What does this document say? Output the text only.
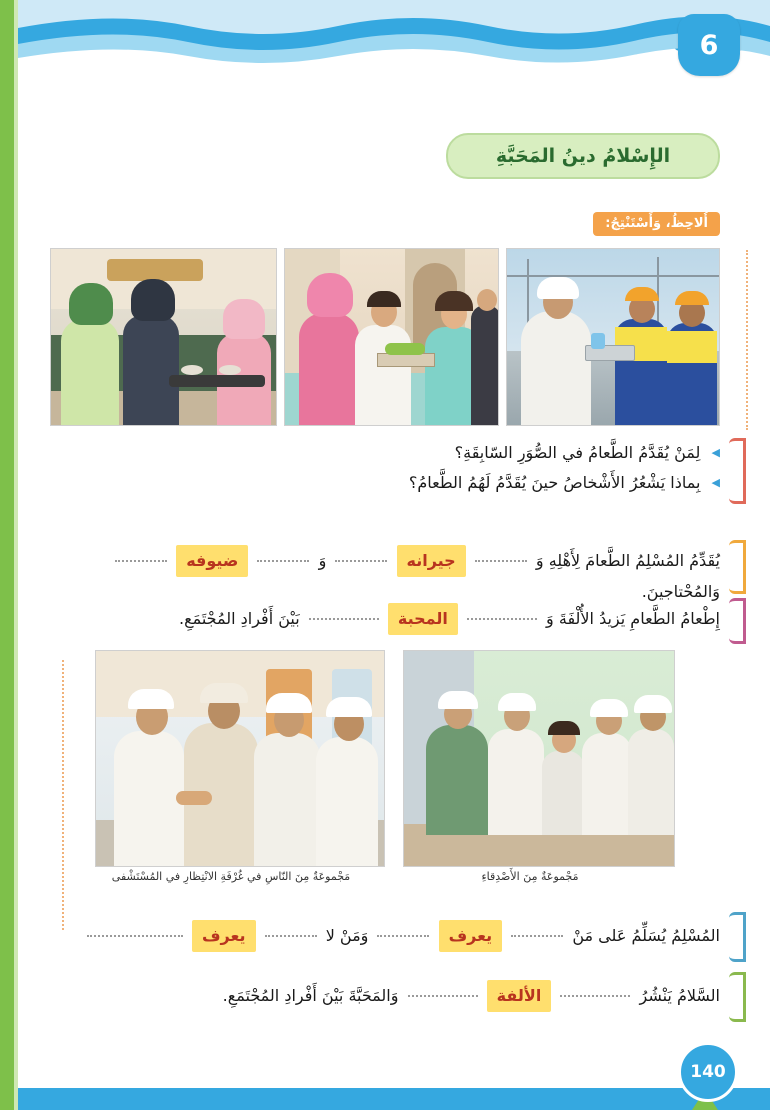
6
الإِسْلامُ دينُ المَحَبَّةِ
أُلاحِظُ، وَأَسْتَنْتِجُ:
◀ لِمَنْ يُقَدَّمُ الطَّعامُ في الصُّوَرِ السّابِقَةِ؟
◀ بِماذا يَشْعُرُ الأَشْخاصُ حينَ يُقَدَّمُ لَهُمُ الطَّعامُ؟
يُقَدِّمُ المُسْلِمُ الطَّعامَ لِأَهْلِهِ وَ  جيرانه  وَ  ضيوفه  وَالمُحْتاجينَ.
إِطْعامُ الطَّعامِ يَزيدُ الأُلْفَةَ وَ  المحبة  بَيْنَ أَفْرادِ المُجْتَمَعِ.
مَجْموعَةٌ مِنَ النّاسِ في غُرْفَةِ الانْتِظارِ في المُسْتَشْفى	مَجْموعَةٌ مِنَ الأَصْدِقاءِ
المُسْلِمُ يُسَلِّمُ عَلى مَنْ  يعرف  وَمَنْ لا  يعرف
السَّلامُ يَنْشُرُ  الألفة  وَالمَحَبَّةَ بَيْنَ أَفْرادِ المُجْتَمَعِ.
140
